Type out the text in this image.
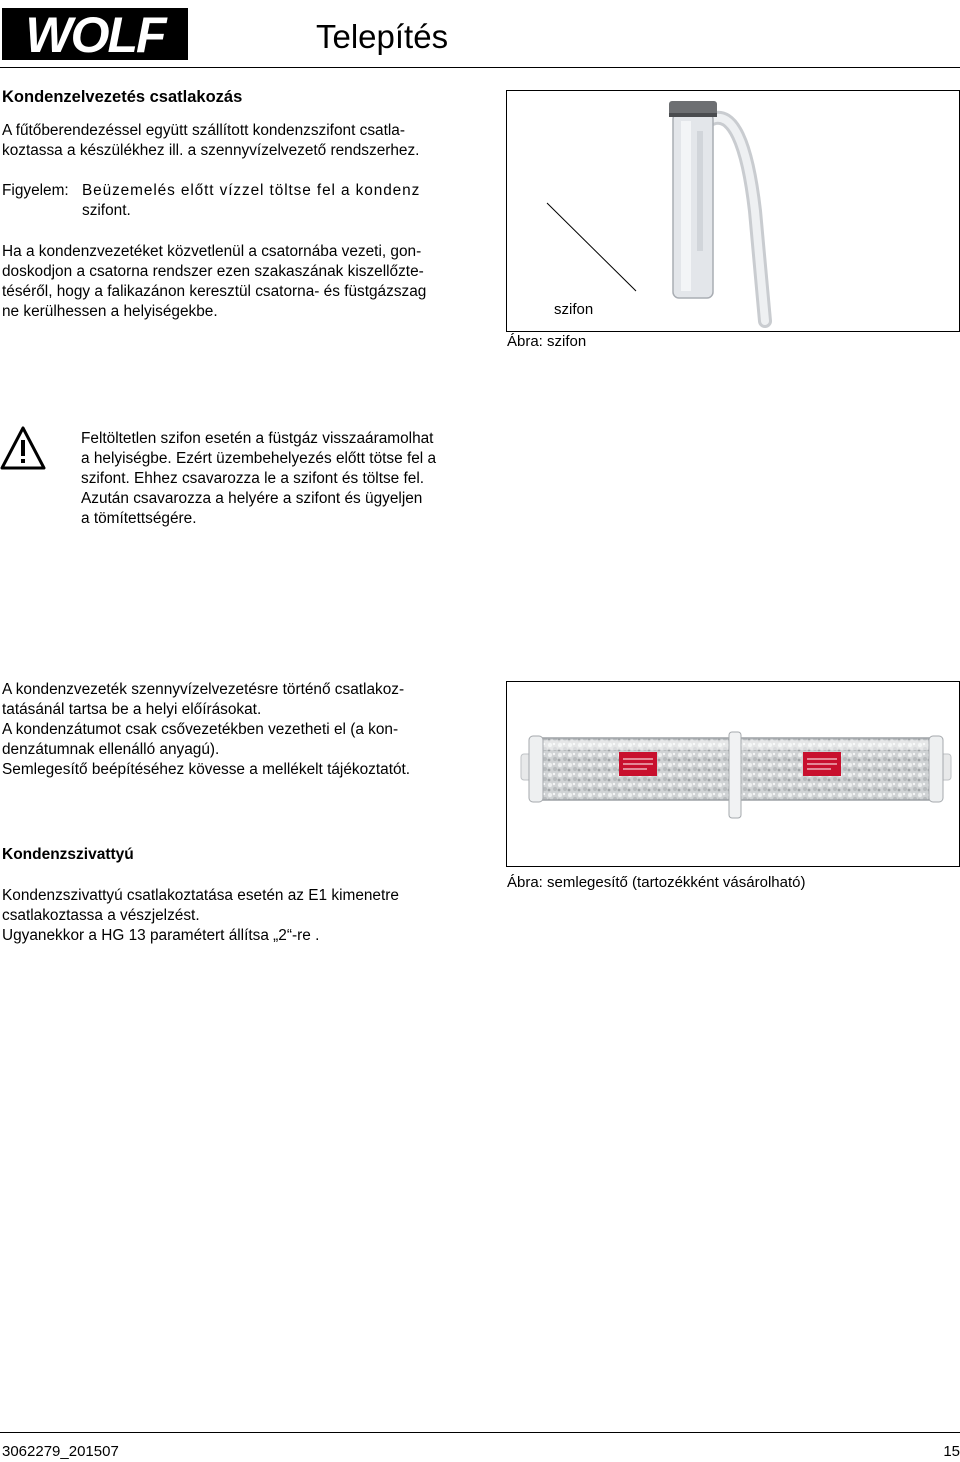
WOLF	Telepítés
Kondenzelvezetés csatlakozás
A fűtőberendezéssel együtt szállított kondenzszifont csatla-
koztassa a készülékhez ill. a szennyvízelvezető rendszerhez.
Figyelem: Beüzemelés előtt vízzel töltse fel a kondenz
szifont.
Ha a kondenzvezetéket közvetlenül a csatornába vezeti, gon-
doskodjon a csatorna rendszer ezen szakaszának kiszellőzte-
téséről, hogy a falikazánon keresztül csatorna- és füstgázszag
ne kerülhessen a helyiségekbe.	szifon
Ábra: szifon
Feltöltetlen szifon esetén a füstgáz visszaáramolhat
a helyiségbe. Ezért üzembehelyezés előtt tötse fel a
szifont. Ehhez csavarozza le a szifont és töltse fel.
Azután csavarozza a helyére a szifont és ügyeljen
a tömítettségére.
A kondenzvezeték szennyvízelvezetésre történő csatlakoz-
tatásánál tartsa be a helyi előírásokat.
A kondenzátumot csak csővezetékben vezetheti el (a kon-
denzátumnak ellenálló anyagú).
Semlegesítő beépítéséhez kövesse a mellékelt tájékoztatót.
Ábra: semlegesítő (tartozékként vásárolható)
Kondenzszivattyú
Kondenzszivattyú csatlakoztatása esetén az E1 kimenetre
csatlakoztassa a vészjelzést.
Ugyanekkor a HG 13 paramétert állítsa „2“-re .
3062279_201507	15
